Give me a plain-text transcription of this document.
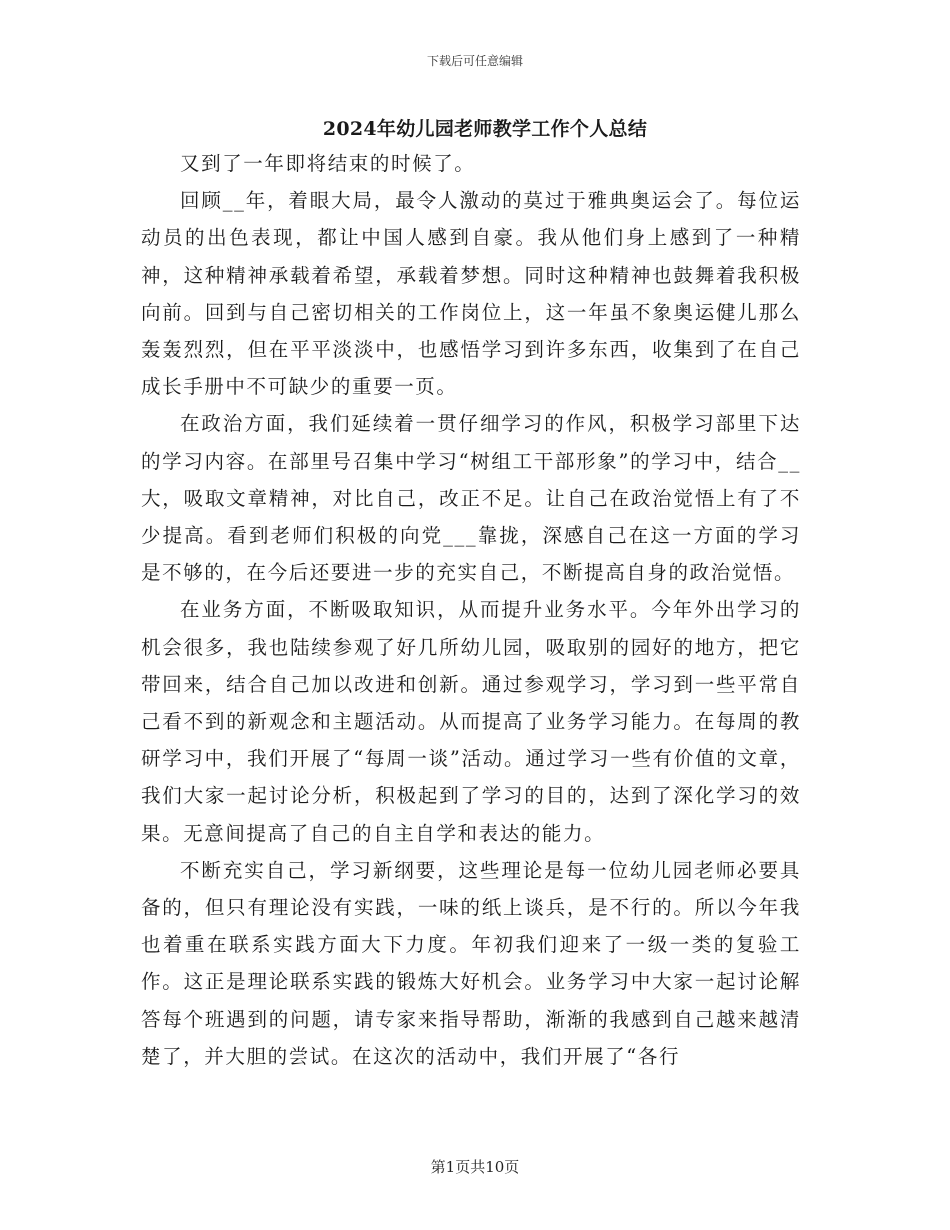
下载后可任意编辑
2024年幼儿园老师教学工作个人总结

又到了一年即将结束的时候了。

回顾__年，着眼大局，最令人激动的莫过于雅典奥运会了。每位运动员的出色表现，都让中国人感到自豪。我从他们身上感到了一种精神，这种精神承载着希望，承载着梦想。同时这种精神也鼓舞着我积极向前。回到与自己密切相关的工作岗位上，这一年虽不象奥运健儿那么轰轰烈烈，但在平平淡淡中，也感悟学习到许多东西，收集到了在自己成长手册中不可缺少的重要一页。

在政治方面，我们延续着一贯仔细学习的作风，积极学习部里下达的学习内容。在部里号召集中学习“树组工干部形象”的学习中，结合__大，吸取文章精神，对比自己，改正不足。让自己在政治觉悟上有了不少提高。看到老师们积极的向党___靠拢，深感自己在这一方面的学习是不够的，在今后还要进一步的充实自己，不断提高自身的政治觉悟。

在业务方面，不断吸取知识，从而提升业务水平。今年外出学习的机会很多，我也陆续参观了好几所幼儿园，吸取别的园好的地方，把它带回来，结合自己加以改进和创新。通过参观学习，学习到一些平常自己看不到的新观念和主题活动。从而提高了业务学习能力。在每周的教研学习中，我们开展了“每周一谈”活动。通过学习一些有价值的文章，我们大家一起讨论分析，积极起到了学习的目的，达到了深化学习的效果。无意间提高了自己的自主自学和表达的能力。

不断充实自己，学习新纲要，这些理论是每一位幼儿园老师必要具备的，但只有理论没有实践，一味的纸上谈兵，是不行的。所以今年我也着重在联系实践方面大下力度。年初我们迎来了一级一类的复验工作。这正是理论联系实践的锻炼大好机会。业务学习中大家一起讨论解答每个班遇到的问题，请专家来指导帮助，渐渐的我感到自己越来越清楚了，并大胆的尝试。在这次的活动中，我们开展了“各行

第1页共10页
